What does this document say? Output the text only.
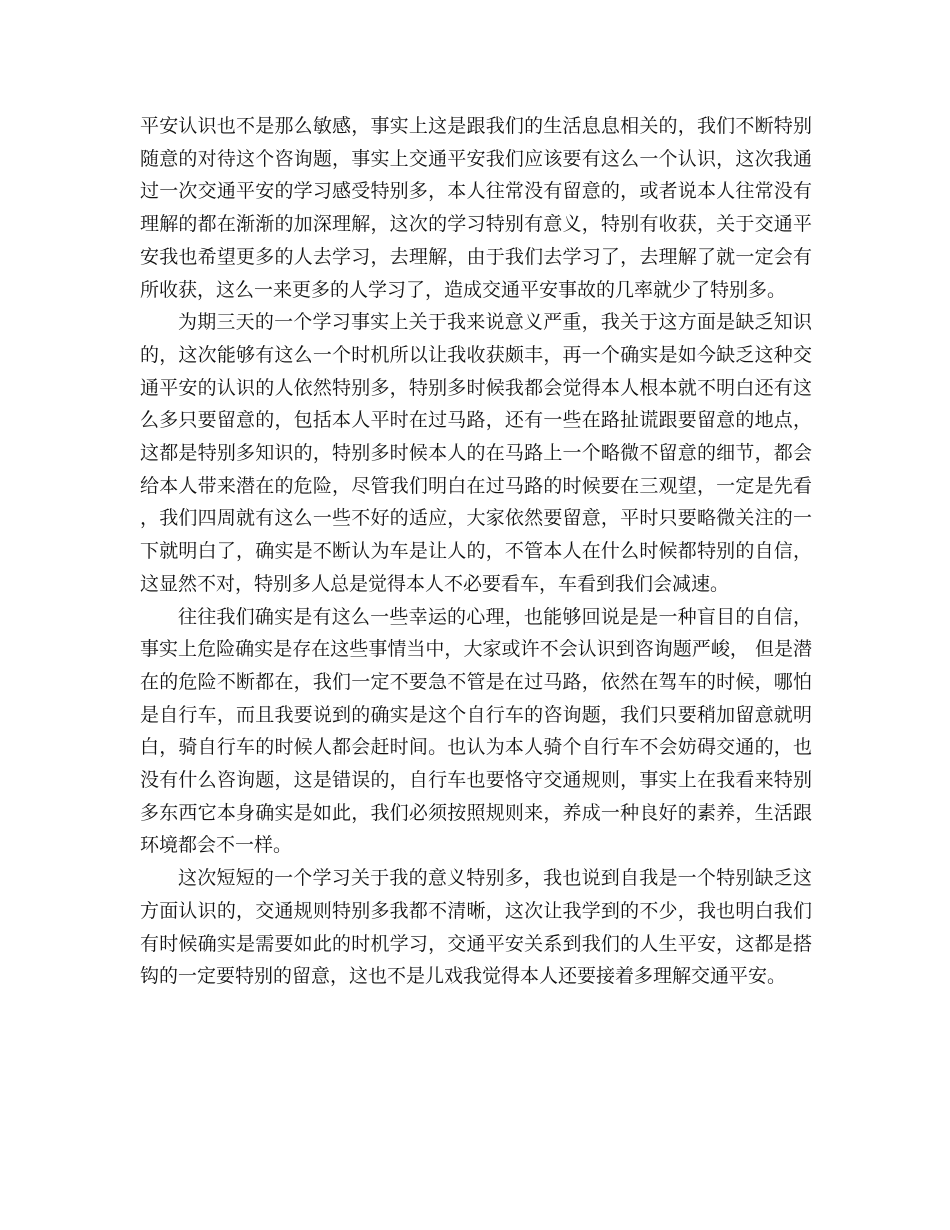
平安认识也不是那么敏感，事实上这是跟我们的生活息息相关的，我们不断特别随意的对待这个咨询题，事实上交通平安我们应该要有这么一个认识，这次我通过一次交通平安的学习感受特别多，本人往常没有留意的，或者说本人往常没有理解的都在渐渐的加深理解，这次的学习特别有意义，特别有收获，关于交通平安我也希望更多的人去学习，去理解，由于我们去学习了，去理解了就一定会有所收获，这么一来更多的人学习了，造成交通平安事故的几率就少了特别多。

为期三天的一个学习事实上关于我来说意义严重，我关于这方面是缺乏知识的，这次能够有这么一个时机所以让我收获颇丰，再一个确实是如今缺乏这种交通平安的认识的人依然特别多，特别多时候我都会觉得本人根本就不明白还有这么多只要留意的，包括本人平时在过马路，还有一些在路扯谎跟要留意的地点，这都是特别多知识的，特别多时候本人的在马路上一个略微不留意的细节，都会给本人带来潜在的危险，尽管我们明白在过马路的时候要在三观望，一定是先看，我们四周就有这么一些不好的适应，大家依然要留意，平时只要略微关注的一下就明白了，确实是不断认为车是让人的，不管本人在什么时候都特别的自信，这显然不对，特别多人总是觉得本人不必要看车，车看到我们会减速。

往往我们确实是有这么一些幸运的心理，也能够回说是是一种盲目的自信，事实上危险确实是存在这些事情当中，大家或许不会认识到咨询题严峻， 但是潜在的危险不断都在，我们一定不要急不管是在过马路，依然在驾车的时候，哪怕是自行车，而且我要说到的确实是这个自行车的咨询题，我们只要稍加留意就明白，骑自行车的时候人都会赶时间。也认为本人骑个自行车不会妨碍交通的，也没有什么咨询题，这是错误的，自行车也要恪守交通规则，事实上在我看来特别多东西它本身确实是如此，我们必须按照规则来，养成一种良好的素养，生活跟环境都会不一样。

这次短短的一个学习关于我的意义特别多，我也说到自我是一个特别缺乏这方面认识的，交通规则特别多我都不清晰，这次让我学到的不少，我也明白我们有时候确实是需要如此的时机学习，交通平安关系到我们的人生平安，这都是搭钩的一定要特别的留意，这也不是儿戏我觉得本人还要接着多理解交通平安。
